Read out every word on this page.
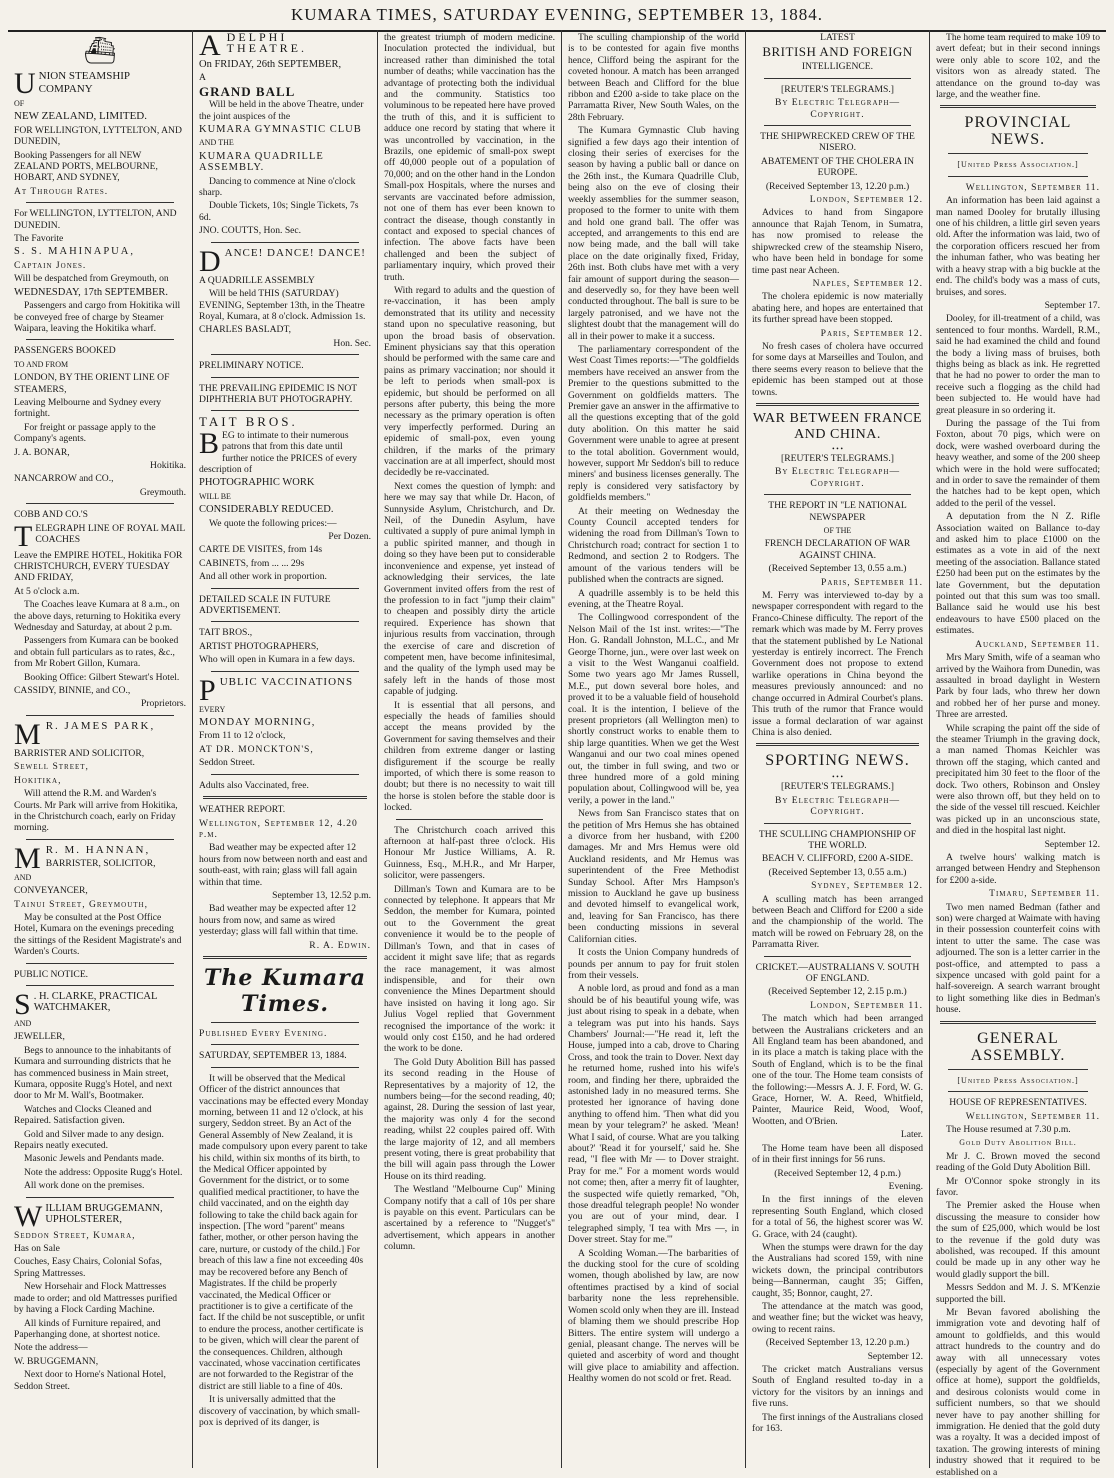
KUMARA TIMES, SATURDAY EVENING, SEPTEMBER 13, 1884.
⛴

UNION STEAMSHIP COMPANY

OF

NEW ZEALAND, LIMITED.

FOR WELLINGTON, LYTTELTON, AND DUNEDIN,

Booking Passengers for all NEW ZEALAND PORTS, MELBOURNE, HOBART, AND SYDNEY,

At Through Rates.

For WELLINGTON, LYTTELTON, AND DUNEDIN.

The Favorite

S. S. MAHINAPUA,

Captain Jones.

Will be despatched from Greymouth, on

WEDNESDAY, 17th SEPTEMBER.

Passengers and cargo from Hokitika will be conveyed free of charge by Steamer Waipara, leaving the Hokitika wharf.

PASSENGERS BOOKED

TO AND FROM

LONDON, BY THE ORIENT LINE OF STEAMERS,

Leaving Melbourne and Sydney every fortnight.

For freight or passage apply to the Company's agents.

J. A. BONAR,

Hokitika.

NANCARROW and CO.,

Greymouth.

COBB AND CO.'S

TELEGRAPH LINE OF ROYAL MAIL COACHES

Leave the EMPIRE HOTEL, Hokitika FOR CHRISTCHURCH, EVERY TUESDAY AND FRIDAY,

At 5 o'clock a.m.

The Coaches leave Kumara at 8 a.m., on the above days, returning to Hokitika every Wednesday and Saturday, at about 2 p.m.

Passengers from Kumara can be booked and obtain full particulars as to rates, &c., from Mr Robert Gillon, Kumara.

Booking Office: Gilbert Stewart's Hotel.

CASSIDY, BINNIE, and CO.,

Proprietors.

M R. JAMES PARK,

BARRISTER AND SOLICITOR,

Sewell Street,

Hokitika,

Will attend the R.M. and Warden's Courts. Mr Park will arrive from Hokitika, in the Christchurch coach, early on Friday morning.

M R. M. HANNAN,

BARRISTER, SOLICITOR,

AND

CONVEYANCER,

Tainui Street, Greymouth,

May be consulted at the Post Office Hotel, Kumara on the evenings preceding the sittings of the Resident Magistrate's and Warden's Courts.

PUBLIC NOTICE.

S . H. CLARKE, PRACTICAL WATCHMAKER,

AND

JEWELLER,

Begs to announce to the inhabitants of Kumara and surrounding districts that he has commenced business in Main street, Kumara, opposite Rugg's Hotel, and next door to Mr M. Wall's, Bootmaker.

Watches and Clocks Cleaned and Repaired. Satisfaction given.

Gold and Silver made to any design. Repairs neatly executed.

Masonic Jewels and Pendants made.

Note the address: Opposite Rugg's Hotel.

All work done on the premises.

WILLIAM BRUGGEMANN, UPHOLSTERER,

Seddon Street, Kumara,

Has on Sale

Couches, Easy Chairs, Colonial Sofas, Spring Mattresses.

New Horsehair and Flock Mattresses made to order; and old Mattresses purified by having a Flock Carding Machine.

All kinds of Furniture repaired, and Paperhanging done, at shortest notice.

Note the address—

W. BRUGGEMANN,

Next door to Horne's National Hotel, Seddon Street.

ADELPHI THEATRE.

On FRIDAY, 26th SEPTEMBER,

A

GRAND BALL

Will be held in the above Theatre, under the joint auspices of the

KUMARA GYMNASTIC CLUB

AND THE

KUMARA QUADRILLE ASSEMBLY.

Dancing to commence at Nine o'clock sharp.

Double Tickets, 10s; Single Tickets, 7s 6d.

JNO. COUTTS, Hon. Sec.

DANCE! DANCE! DANCE!

A QUADRILLE ASSEMBLY

Will be held THIS (SATURDAY) EVENING, September 13th, in the Theatre Royal, Kumara, at 8 o'clock. Admission 1s.

CHARLES BASLADT,

Hon. Sec.

PRELIMINARY NOTICE.

THE PREVAILING EPIDEMIC IS NOT DIPHTHERIA BUT PHOTOGRAPHY.

TAIT BROS.

BEG to intimate to their numerous patrons that from this date until further notice the PRICES of every description of

PHOTOGRAPHIC WORK

WILL BE

CONSIDERABLY REDUCED.

We quote the following prices:—

Per Dozen.

CARTE DE VISITES, from 14s

CABINETS, from ... ... 29s

And all other work in proportion.

DETAILED SCALE IN FUTURE ADVERTISEMENT.

TAIT BROS.,

ARTIST PHOTOGRAPHERS,

Who will open in Kumara in a few days.

PUBLIC VACCINATIONS

EVERY

MONDAY MORNING,

From 11 to 12 o'clock,

AT DR. MONCKTON'S,

Seddon Street.

Adults also Vaccinated, free.

WEATHER REPORT.

Wellington, September 12, 4.20 p.m.

Bad weather may be expected after 12 hours from now between north and east and south-east, with rain; glass will fall again within that time.

September 13, 12.52 p.m.

Bad weather may be expected after 12 hours from now, and same as wired yesterday; glass will fall within that time.

R. A. Edwin.

The Kumara Times.

Published Every Evening.

SATURDAY, SEPTEMBER 13, 1884.

It will be observed that the Medical Officer of the district announces that vaccinations may be effected every Monday morning, between 11 and 12 o'clock, at his surgery, Seddon street. By an Act of the General Assembly of New Zealand, it is made compulsory upon every parent to take his child, within six months of its birth, to the Medical Officer appointed by Government for the district, or to some qualified medical practitioner, to have the child vaccinated, and on the eighth day following to take the child back again for inspection. [The word "parent" means father, mother, or other person having the care, nurture, or custody of the child.] For breach of this law a fine not exceeding 40s may be recovered before any Bench of Magistrates. If the child be properly vaccinated, the Medical Officer or practitioner is to give a certificate of the fact. If the child be not susceptible, or unfit to endure the process, another certificate is to be given, which will clear the parent of the consequences. Children, although vaccinated, whose vaccination certificates are not forwarded to the Registrar of the district are still liable to a fine of 40s.

It is universally admitted that the discovery of vaccination, by which small-pox is deprived of its danger, is

the greatest triumph of modern medicine. Inoculation protected the individual, but increased rather than diminished the total number of deaths; while vaccination has the advantage of protecting both the individual and the community. Statistics too voluminous to be repeated here have proved the truth of this, and it is sufficient to adduce one record by stating that where it was uncontrolled by vaccination, in the Brazils, one epidemic of small-pox swept off 40,000 people out of a population of 70,000; and on the other hand in the London Small-pox Hospitals, where the nurses and servants are vaccinated before admission, not one of them has ever been known to contract the disease, though constantly in contact and exposed to special chances of infection. The above facts have been challenged and been the subject of parliamentary inquiry, which proved their truth.

With regard to adults and the question of re-vaccination, it has been amply demonstrated that its utility and necessity stand upon no speculative reasoning, but upon the broad basis of observation. Eminent physicians say that this operation should be performed with the same care and pains as primary vaccination; nor should it be left to periods when small-pox is epidemic, but should be performed on all persons after puberty, this being the more necessary as the primary operation is often very imperfectly performed. During an epidemic of small-pox, even young children, if the marks of the primary vaccination are at all imperfect, should most decidedly be re-vaccinated.

Next comes the question of lymph: and here we may say that while Dr. Hacon, of Sunnyside Asylum, Christchurch, and Dr. Neil, of the Dunedin Asylum, have cultivated a supply of pure animal lymph in a public spirited manner, and though in doing so they have been put to considerable inconvenience and expense, yet instead of acknowledging their services, the late Government invited offers from the rest of the profession to in fact "jump their claim" to cheapen and possibly dirty the article required. Experience has shown that injurious results from vaccination, through the exercise of care and discretion of competent men, have become infinitesimal, and the quality of the lymph used may be safely left in the hands of those most capable of judging.

It is essential that all persons, and especially the heads of families should accept the means provided by the Government for saving themselves and their children from extreme danger or lasting disfigurement if the scourge be really imported, of which there is some reason to doubt; but there is no necessity to wait till the horse is stolen before the stable door is locked.

The Christchurch coach arrived this afternoon at half-past three o'clock. His Honour Mr Justice Williams, A. R. Guinness, Esq., M.H.R., and Mr Harper, solicitor, were passengers.

Dillman's Town and Kumara are to be connected by telephone. It appears that Mr Seddon, the member for Kumara, pointed out to the Government the great convenience it would be to the people of Dillman's Town, and that in cases of accident it might save life; that as regards the race management, it was almost indispensible, and for their own convenience the Mines Department should have insisted on having it long ago. Sir Julius Vogel replied that Government recognised the importance of the work: it would only cost £150, and he had ordered the work to be done.

The Gold Duty Abolition Bill has passed its second reading in the House of Representatives by a majority of 12, the numbers being—for the second reading, 40; against, 28. During the session of last year, the majority was only 4 for the second reading, whilst 22 couples paired off. With the large majority of 12, and all members present voting, there is great probability that the bill will again pass through the Lower House on its third reading.

The Westland "Melbourne Cup" Mining Company notify that a call of 10s per share is payable on this event. Particulars can be ascertained by a reference to "Nugget's" advertisement, which appears in another column.

The sculling championship of the world is to be contested for again five months hence, Clifford being the aspirant for the coveted honour. A match has been arranged between Beach and Clifford for the blue ribbon and £200 a-side to take place on the Parramatta River, New South Wales, on the 28th February.

The Kumara Gymnastic Club having signified a few days ago their intention of closing their series of exercises for the season by having a public ball or dance on the 26th inst., the Kumara Quadrille Club, being also on the eve of closing their weekly assemblies for the summer season, proposed to the former to unite with them and hold one grand ball. The offer was accepted, and arrangements to this end are now being made, and the ball will take place on the date originally fixed, Friday, 26th inst. Both clubs have met with a very fair amount of support during the season—and deservedly so, for they have been well conducted throughout. The ball is sure to be largely patronised, and we have not the slightest doubt that the management will do all in their power to make it a success.

The parliamentary correspondent of the West Coast Times reports:—"The goldfields members have received an answer from the Premier to the questions submitted to the Government on goldfields matters. The Premier gave an answer in the affirmative to all the questions excepting that of the gold duty abolition. On this matter he said Government were unable to agree at present to the total abolition. Government would, however, support Mr Seddon's bill to reduce miners' and business licenses generally. The reply is considered very satisfactory by goldfields members."

At their meeting on Wednesday the County Council accepted tenders for widening the road from Dillman's Town to Christchurch road; contract for section 1 to Redmond, and section 2 to Rodgers. The amount of the various tenders will be published when the contracts are signed.

A quadrille assembly is to be held this evening, at the Theatre Royal.

The Collingwood correspondent of the Nelson Mail of the 1st inst. writes:—"The Hon. G. Randall Johnston, M.L.C., and Mr George Thorne, jun., were over last week on a visit to the West Wanganui coalfield. Some two years ago Mr James Russell, M.E., put down several bore holes, and proved it to be a valuable field of household coal. It is the intention, I believe of the present proprietors (all Wellington men) to shortly construct works to enable them to ship large quantities. When we get the West Wanganui and our two coal mines opened out, the timber in full swing, and two or three hundred more of a gold mining population about, Collingwood will be, yea verily, a power in the land."

News from San Francisco states that on the petition of Mrs Hemus she has obtained a divorce from her husband, with £200 damages. Mr and Mrs Hemus were old Auckland residents, and Mr Hemus was superintendent of the Free Methodist Sunday School. After Mrs Hampson's mission to Auckland he gave up business and devoted himself to evangelical work, and, leaving for San Francisco, has there been conducting missions in several Californian cities.

It costs the Union Company hundreds of pounds per annum to pay for fruit stolen from their vessels.

A noble lord, as proud and fond as a man should be of his beautiful young wife, was just about rising to speak in a debate, when a telegram was put into his hands. Says Chambers' Journal:—"He read it, left the House, jumped into a cab, drove to Charing Cross, and took the train to Dover. Next day he returned home, rushed into his wife's room, and finding her there, upbraided the astonished lady in no measured terms. She protested her ignorance of having done anything to offend him. 'Then what did you mean by your telegram?' he asked. 'Mean! What I said, of course. What are you talking about?' 'Read it for yourself,' said he. She read, "I flee with Mr — to Dover straight. Pray for me." For a moment words would not come; then, after a merry fit of laughter, the suspected wife quietly remarked, "Oh, those dreadful telegraph people! No wonder you are out of your mind, dear. I telegraphed simply, 'I tea with Mrs —, in Dover street. Stay for me.'"

A Scolding Woman.—The barbarities of the ducking stool for the cure of scolding women, though abolished by law, are now oftentimes practised by a kind of social barbarity none the less reprehensible. Women scold only when they are ill. Instead of blaming them we should prescribe Hop Bitters. The entire system will undergo a genial, pleasant change. The nerves will be quieted and ascerbity of word and thought will give place to amiability and affection. Healthy women do not scold or fret. Read.

LATEST

BRITISH AND FOREIGN

INTELLIGENCE.

[REUTER'S TELEGRAMS.]

By Electric Telegraph—Copyright.

THE SHIPWRECKED CREW OF THE NISERO.

ABATEMENT OF THE CHOLERA IN EUROPE.

(Received September 13, 12.20 p.m.)

London, September 12.

Advices to hand from Singapore announce that Rajah Tenom, in Sumatra, has now promised to release the shipwrecked crew of the steamship Nisero, who have been held in bondage for some time past near Acheen.

Naples, September 12.

The cholera epidemic is now materially abating here, and hopes are entertained that its further spread have been stopped.

Paris, September 12.

No fresh cases of cholera have occurred for some days at Marseilles and Toulon, and there seems every reason to believe that the epidemic has been stamped out at those towns.

WAR BETWEEN FRANCE AND CHINA.

• • •

[REUTER'S TELEGRAMS.]

By Electric Telegraph—Copyright.

THE REPORT IN "LE NATIONAL NEWSPAPER

OF THE

FRENCH DECLARATION OF WAR AGAINST CHINA.

(Received September 13, 0.55 a.m.)

Paris, September 11.

M. Ferry was interviewed to-day by a newspaper correspondent with regard to the Franco-Chinese difficulty. The report of the remark which was made by M. Ferry proves that the statement published by Le National yesterday is entirely incorrect. The French Government does not propose to extend warlike operations in China beyond the measures previously announced: and no change occurred in Admiral Courbet's plans. This truth of the rumor that France would issue a formal declaration of war against China is also denied.

SPORTING NEWS.

• • •

[REUTER'S TELEGRAMS.]

By Electric Telegraph—Copyright.

THE SCULLING CHAMPIONSHIP OF THE WORLD.

BEACH V. CLIFFORD, £200 A-SIDE.

(Received September 13, 0.55 a.m.)

Sydney, September 12.

A sculling match has been arranged between Beach and Clifford for £200 a side and the championship of the world. The match will be rowed on February 28, on the Parramatta River.

CRICKET.—AUSTRALIANS V. SOUTH OF ENGLAND.

(Received September 12, 2.15 p.m.)

London, September 11.

The match which had been arranged between the Australians cricketers and an All England team has been abandoned, and in its place a match is taking place with the South of England, which is to be the final one of the tour. The Home team consists of the following:—Messrs A. J. F. Ford, W. G. Grace, Horner, W. A. Reed, Whitfield, Painter, Maurice Reid, Wood, Woof, Wootten, and O'Brien.

Later.

The Home team have been all disposed of in their first innings for 56 runs.

(Received September 12, 4 p.m.)

Evening.

In the first innings of the eleven representing South England, which closed for a total of 56, the highest scorer was W. G. Grace, with 24 (caught).

When the stumps were drawn for the day the Australians had scored 159, with nine wickets down, the principal contributors being—Bannerman, caught 35; Giffen, caught, 35; Bonnor, caught, 27.

The attendance at the match was good, and weather fine; but the wicket was heavy, owing to recent rains.

(Received September 13, 12.20 p.m.)

September 12.

The cricket match Australians versus South of England resulted to-day in a victory for the visitors by an innings and five runs.

The first innings of the Australians closed for 163.

The home team required to make 109 to avert defeat; but in their second innings were only able to score 102, and the visitors won as already stated. The attendance on the ground to-day was large, and the weather fine.

PROVINCIAL NEWS.

[United Press Association.]

Wellington, September 11.

An information has been laid against a man named Dooley for brutally illusing one of his children, a little girl seven years old. After the information was laid, two of the corporation officers rescued her from the inhuman father, who was beating her with a heavy strap with a big buckle at the end. The child's body was a mass of cuts, bruises, and sores.

September 17.

Dooley, for ill-treatment of a child, was sentenced to four months. Wardell, R.M., said he had examined the child and found the body a living mass of bruises, both thighs being as black as ink. He regretted that he had no power to order the man to receive such a flogging as the child had been subjected to. He would have had great pleasure in so ordering it.

During the passage of the Tui from Foxton, about 70 pigs, which were on dock, were washed overboard during the heavy weather, and some of the 200 sheep which were in the hold were suffocated; and in order to save the remainder of them the hatches had to be kept open, which added to the peril of the vessel.

A deputation from the N Z. Rifle Association waited on Ballance to-day and asked him to place £1000 on the estimates as a vote in aid of the next meeting of the association. Ballance stated £250 had been put on the estimates by the late Government, but the deputation pointed out that this sum was too small. Ballance said he would use his best endeavours to have £500 placed on the estimates.

Auckland, September 11.

Mrs Mary Smith, wife of a seaman who arrived by the Waihora from Dunedin, was assaulted in broad daylight in Western Park by four lads, who threw her down and robbed her of her purse and money. Three are arrested.

While scraping the paint off the side of the steamer Triumph in the graving dock, a man named Thomas Keichler was thrown off the staging, which canted and precipitated him 30 feet to the floor of the dock. Two others, Robinson and Onsley were also thrown off, but they held on to the side of the vessel till rescued. Keichler was picked up in an unconscious state, and died in the hospital last night.

September 12.

A twelve hours' walking match is arranged between Hendry and Stephenson for £200 a-side.

Timaru, September 11.

Two men named Bedman (father and son) were charged at Waimate with having in their possession counterfeit coins with intent to utter the same. The case was adjourned. The son is a letter carrier in the post-office, and attempted to pass a sixpence uncased with gold paint for a half-sovereign. A search warrant brought to light something like dies in Bedman's house.

GENERAL ASSEMBLY.

[United Press Association.]

HOUSE OF REPRESENTATIVES.

Wellington, September 11.

The House resumed at 7.30 p.m.

Gold Duty Abolition Bill.

Mr J. C. Brown moved the second reading of the Gold Duty Abolition Bill.

Mr O'Connor spoke strongly in its favor.

The Premier asked the House when discussing the measure to consider how the sum of £25,000, which would be lost to the revenue if the gold duty was abolished, was recouped. If this amount could be made up in any other way he would gladly support the bill.

Messrs Seddon and M. J. S. M'Kenzie supported the bill.

Mr Bevan favored abolishing the immigration vote and devoting half of amount to goldfields, and this would attract hundreds to the country and do away with all unnecessary votes (especially by agent of the Government office at home), support the goldfields, and desirous colonists would come in sufficient numbers, so that we should never have to pay another shilling for immigration. He denied that the gold duty was a royalty. It was a decided impost of taxation. The growing interests of mining industry showed that it required to be established on a
